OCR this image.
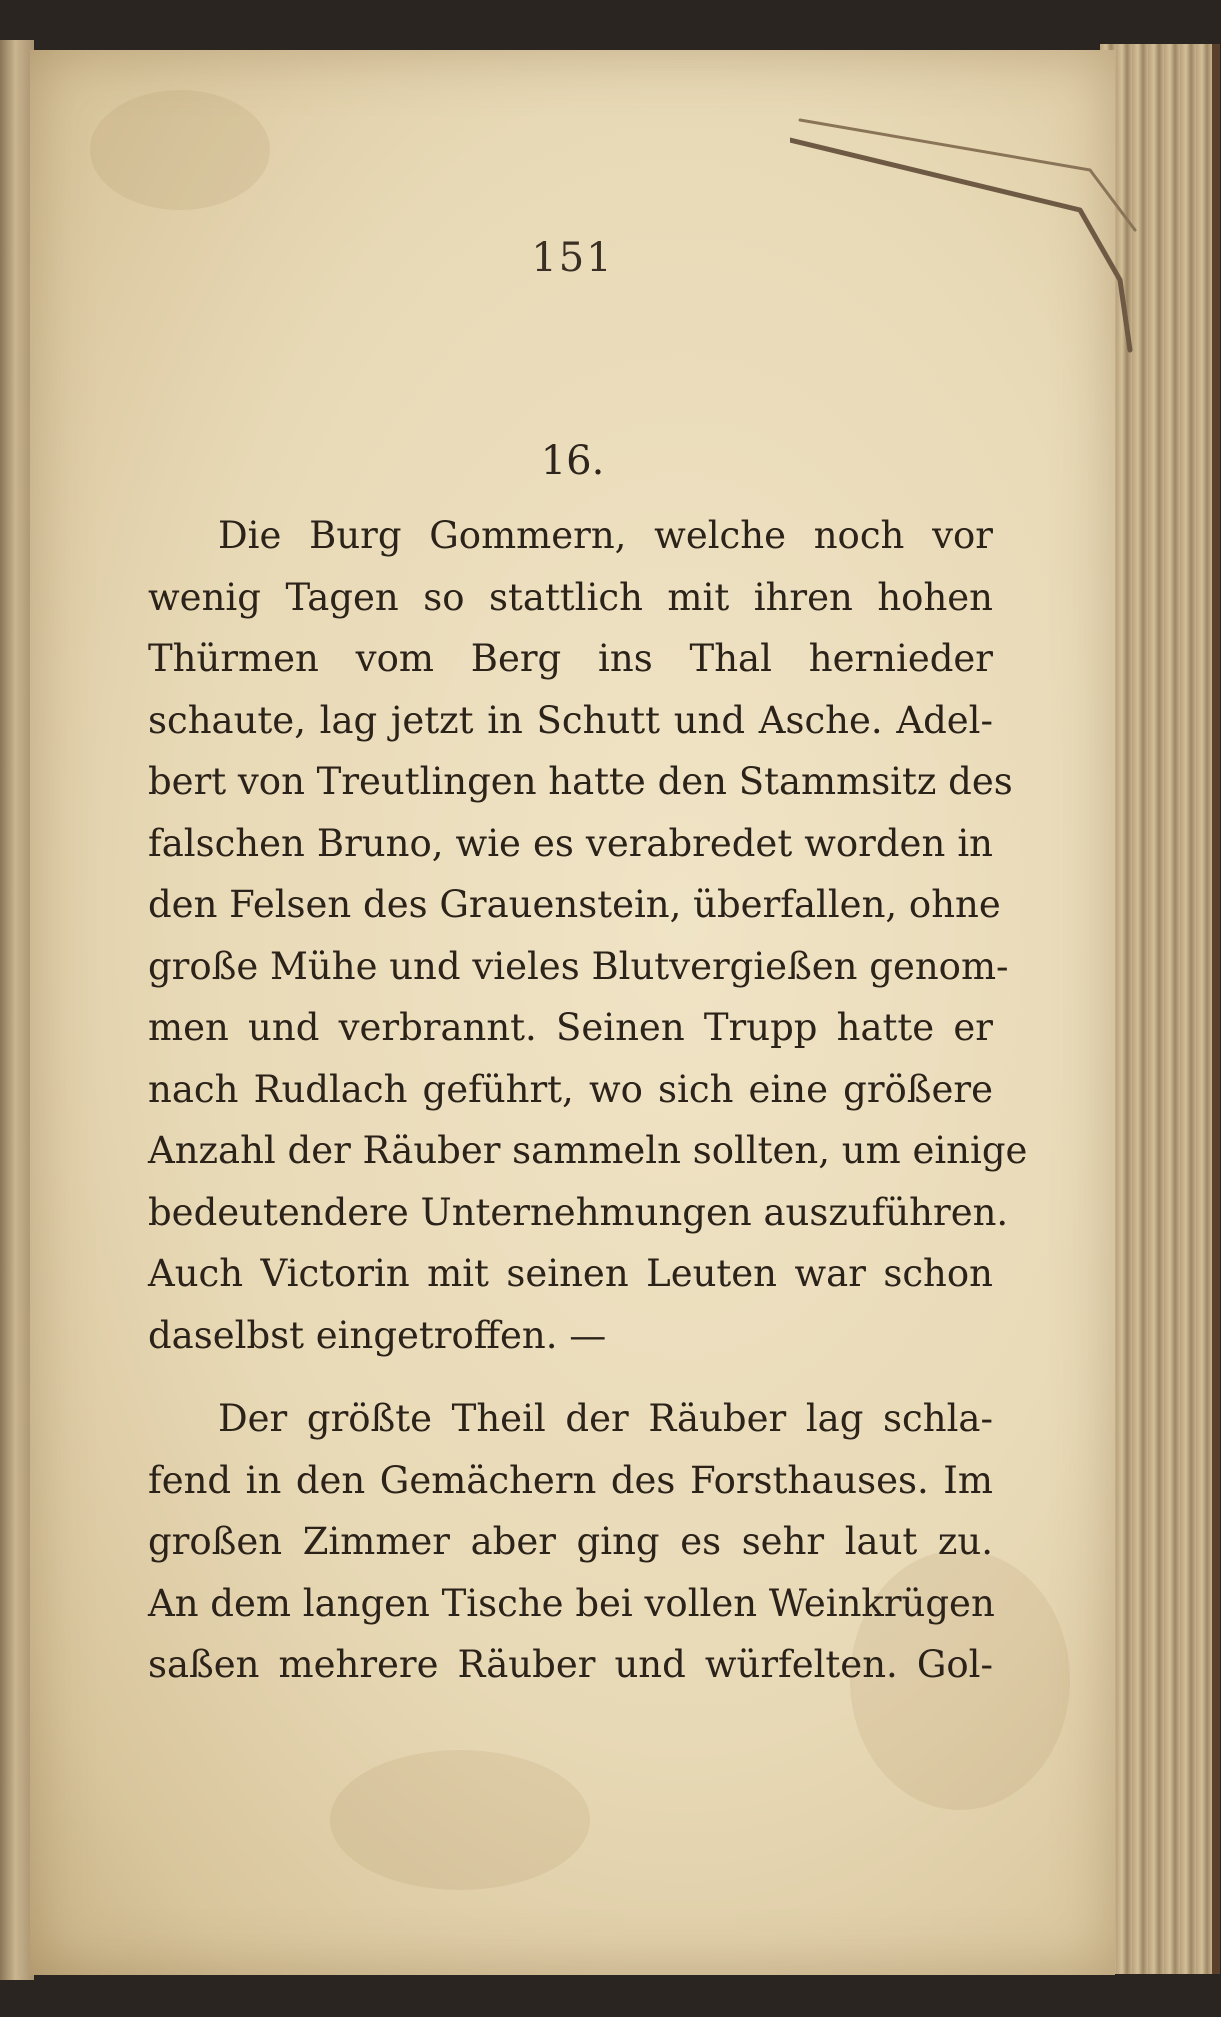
151
16.
Die Burg Gommern, welche noch vor
wenig Tagen so stattlich mit ihren hohen
Thürmen vom Berg ins Thal hernieder
schaute, lag jetzt in Schutt und Asche. Adel-
bert von Treutlingen hatte den Stammsitz des
falschen Bruno, wie es verabredet worden in
den Felsen des Grauenstein, überfallen, ohne
große Mühe und vieles Blutvergießen genom-
men und verbrannt. Seinen Trupp hatte er
nach Rudlach geführt, wo sich eine größere
Anzahl der Räuber sammeln sollten, um einige
bedeutendere Unternehmungen auszuführen.
Auch Victorin mit seinen Leuten war schon
daselbst eingetroffen. —
Der größte Theil der Räuber lag schla-
fend in den Gemächern des Forsthauses. Im
großen Zimmer aber ging es sehr laut zu.
An dem langen Tische bei vollen Weinkrügen
saßen mehrere Räuber und würfelten. Gol-
